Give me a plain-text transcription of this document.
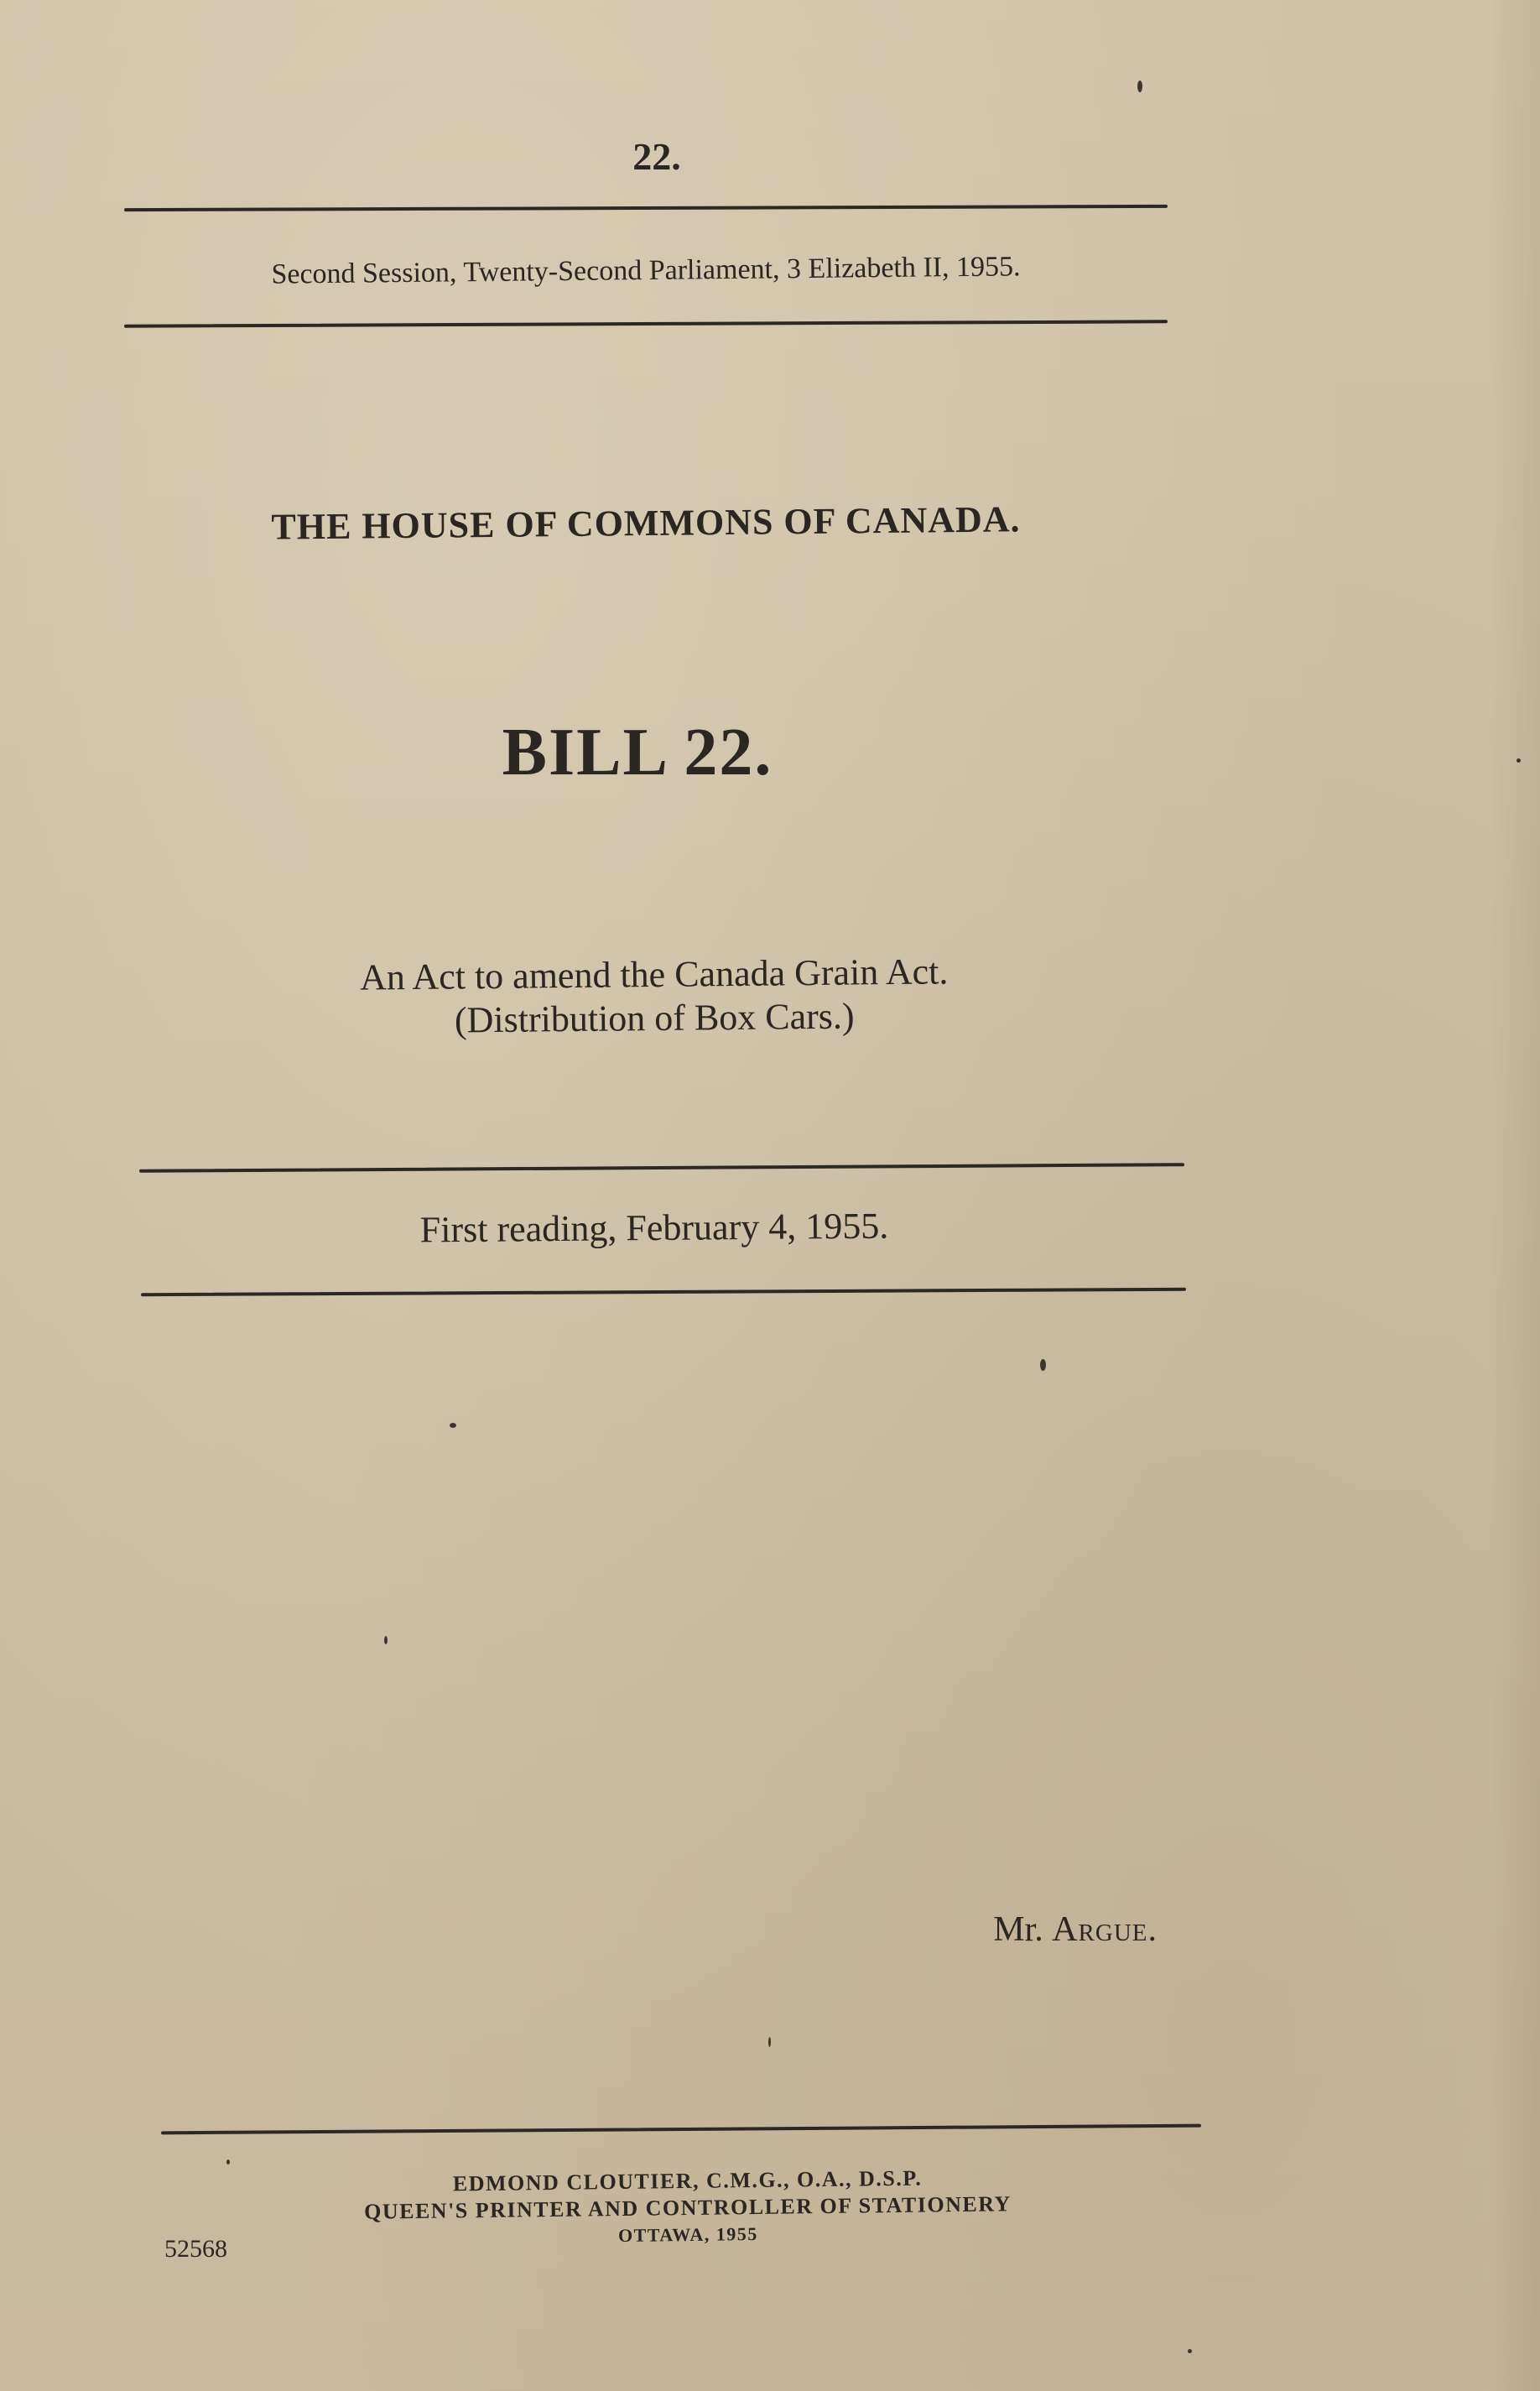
22.
Second Session, Twenty-Second Parliament, 3 Elizabeth II, 1955.
THE HOUSE OF COMMONS OF CANADA.
BILL 22.
An Act to amend the Canada Grain Act.
(Distribution of Box Cars.)
First reading, February 4, 1955.
Mr. Argue.
EDMOND CLOUTIER, C.M.G., O.A., D.S.P.
QUEEN'S PRINTER AND CONTROLLER OF STATIONERY
OTTAWA, 1955
52568
